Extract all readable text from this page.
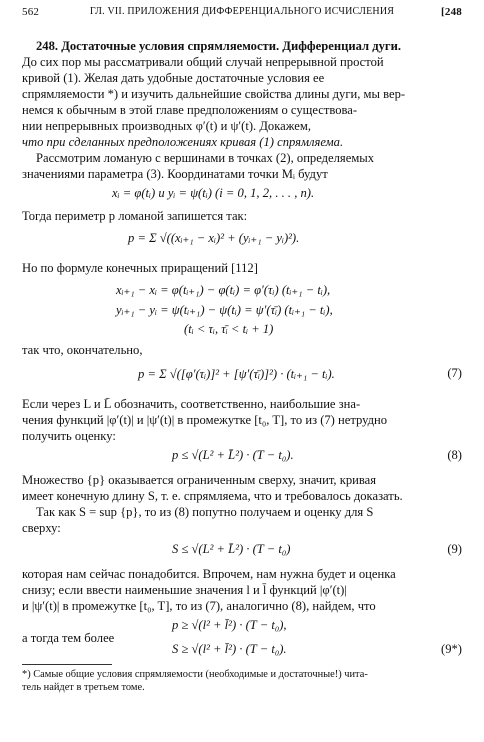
562	ГЛ. VII. ПРИЛОЖЕНИЯ ДИФФЕРЕНЦИАЛЬНОГО ИСЧИСЛЕНИЯ	[248
248. Достаточные условия спрямляемости. Дифференциал дуги.
До сих пор мы рассматривали общий случай непрерывной простой
кривой (1). Желая дать удобные достаточные условия ее
спрямляемости *) и изучить дальнейшие свойства длины дуги, мы вер-
немся к обычным в этой главе предположениям о существова-
нии непрерывных производных φ′(t) и ψ′(t). Докажем,
что при сделанных предположениях кривая (1) спрямляема.
Рассмотрим ломаную с вершинами в точках (2), определяемых
значениями параметра (3). Координатами точки Mᵢ будут
xᵢ = φ(tᵢ) и yᵢ = ψ(tᵢ) (i = 0, 1, 2, . . . , n).
Тогда периметр p ломаной запишется так:
p = Σ √((xᵢ₊₁ − xᵢ)² + (yᵢ₊₁ − yᵢ)²).
Но по формуле конечных приращений [112]
xᵢ₊₁ − xᵢ = φ(tᵢ₊₁) − φ(tᵢ) = φ′(τᵢ) (tᵢ₊₁ − tᵢ),
yᵢ₊₁ − yᵢ = ψ(tᵢ₊₁) − ψ(tᵢ) = ψ′(τ̄ᵢ) (tᵢ₊₁ − tᵢ),
(tᵢ < τᵢ, τ̄ᵢ < tᵢ + 1)
так что, окончательно,
p = Σ √([φ′(τᵢ)]² + [ψ′(τ̄ᵢ)]²) · (tᵢ₊₁ − tᵢ).	(7)
Если через L и L̄ обозначить, соответственно, наибольшие зна-
чения функций |φ′(t)| и |ψ′(t)| в промежутке [t₀, T], то из (7) нетрудно
получить оценку:
p ≤ √(L² + L̄²) · (T − t₀).	(8)
Множество {p} оказывается ограниченным сверху, значит, кривая
имеет конечную длину S, т. е. спрямляема, что и требовалось доказать.
Так как S = sup {p}, то из (8) попутно получаем и оценку для S
сверху:
S ≤ √(L² + L̄²) · (T − t₀)	(9)
которая нам сейчас понадобится. Впрочем, нам нужна будет и оценка
снизу; если ввести наименьшие значения l и l̄ функций |φ′(t)|
и |ψ′(t)| в промежутке [t₀, T], то из (7), аналогично (8), найдем, что
p ≥ √(l² + l̄²) · (T − t₀),
а тогда тем более
S ≥ √(l² + l̄²) · (T − t₀).	(9*)
*) Самые общие условия спрямляемости (необходимые и достаточные!) чита-
тель найдет в третьем томе.
